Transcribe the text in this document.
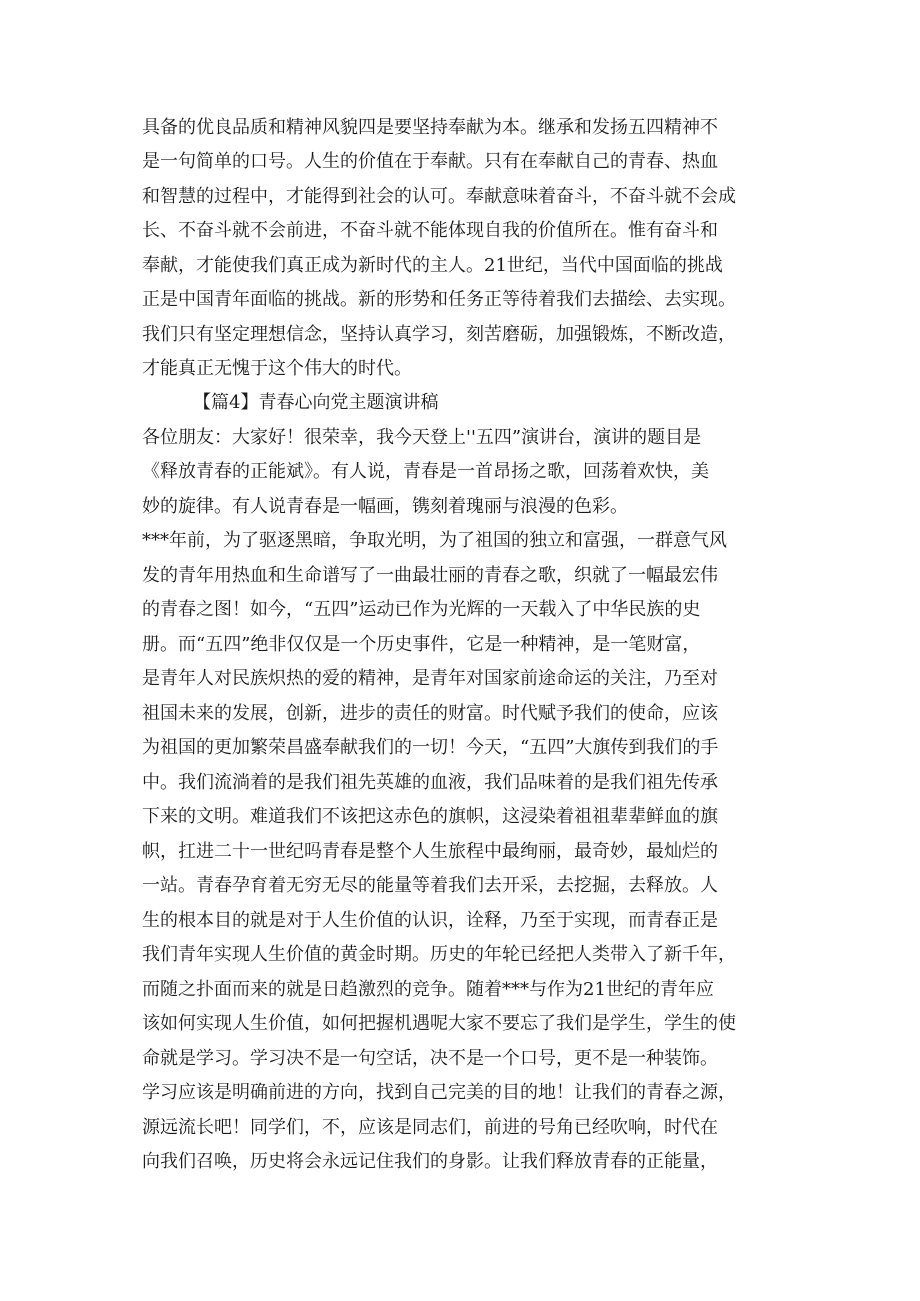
具备的优良品质和精神风貌四是要坚持奉献为本。继承和发扬五四精神不
是一句简单的口号。人生的价值在于奉献。只有在奉献自己的青春、热血
和智慧的过程中，才能得到社会的认可。奉献意味着奋斗，不奋斗就不会成
长、不奋斗就不会前进，不奋斗就不能体现自我的价值所在。惟有奋斗和
奉献，才能使我们真正成为新时代的主人。21世纪，当代中国面临的挑战
正是中国青年面临的挑战。新的形势和任务正等待着我们去描绘、去实现。
我们只有坚定理想信念，坚持认真学习，刻苦磨砺，加强锻炼，不断改造，
才能真正无愧于这个伟大的时代。
【篇4】青春心向党主题演讲稿
各位朋友：大家好！很荣幸，我今天登上''五四”演讲台，演讲的题目是
《释放青春的正能斌》。有人说，青春是一首昂扬之歌，回荡着欢快，美
妙的旋律。有人说青春是一幅画，镌刻着瑰丽与浪漫的色彩。
***年前，为了驱逐黑暗，争取光明，为了祖国的独立和富强，一群意气风
发的青年用热血和生命谱写了一曲最壮丽的青春之歌，织就了一幅最宏伟
的青春之图！如今，“五四”运动已作为光辉的一天载入了中华民族的史
册。而“五四”绝非仅仅是一个历史事件，它是一种精神，是一笔财富，
是青年人对民族炽热的爱的精神，是青年对国家前途命运的关注，乃至对
祖国未来的发展，创新，进步的责任的财富。时代赋予我们的使命，应该
为祖国的更加繁荣昌盛奉献我们的一切！今天，“五四”大旗传到我们的手
中。我们流淌着的是我们祖先英雄的血液，我们品味着的是我们祖先传承
下来的文明。难道我们不该把这赤色的旗帜，这浸染着祖祖辈辈鲜血的旗
帜，扛进二十一世纪吗青春是整个人生旅程中最绚丽，最奇妙，最灿烂的
一站。青春孕育着无穷无尽的能量等着我们去开采，去挖掘，去释放。人
生的根本目的就是对于人生价值的认识，诠释，乃至于实现，而青春正是
我们青年实现人生价值的黄金时期。历史的年轮已经把人类带入了新千年，
而随之扑面而来的就是日趋激烈的竞争。随着***与作为21世纪的青年应
该如何实现人生价值，如何把握机遇呢大家不要忘了我们是学生，学生的使
命就是学习。学习决不是一句空话，决不是一个口号，更不是一种装饰。
学习应该是明确前进的方向，找到自己完美的目的地！让我们的青春之源，
源远流长吧！同学们，不，应该是同志们，前进的号角已经吹响，时代在
向我们召唤，历史将会永远记住我们的身影。让我们释放青春的正能量，
